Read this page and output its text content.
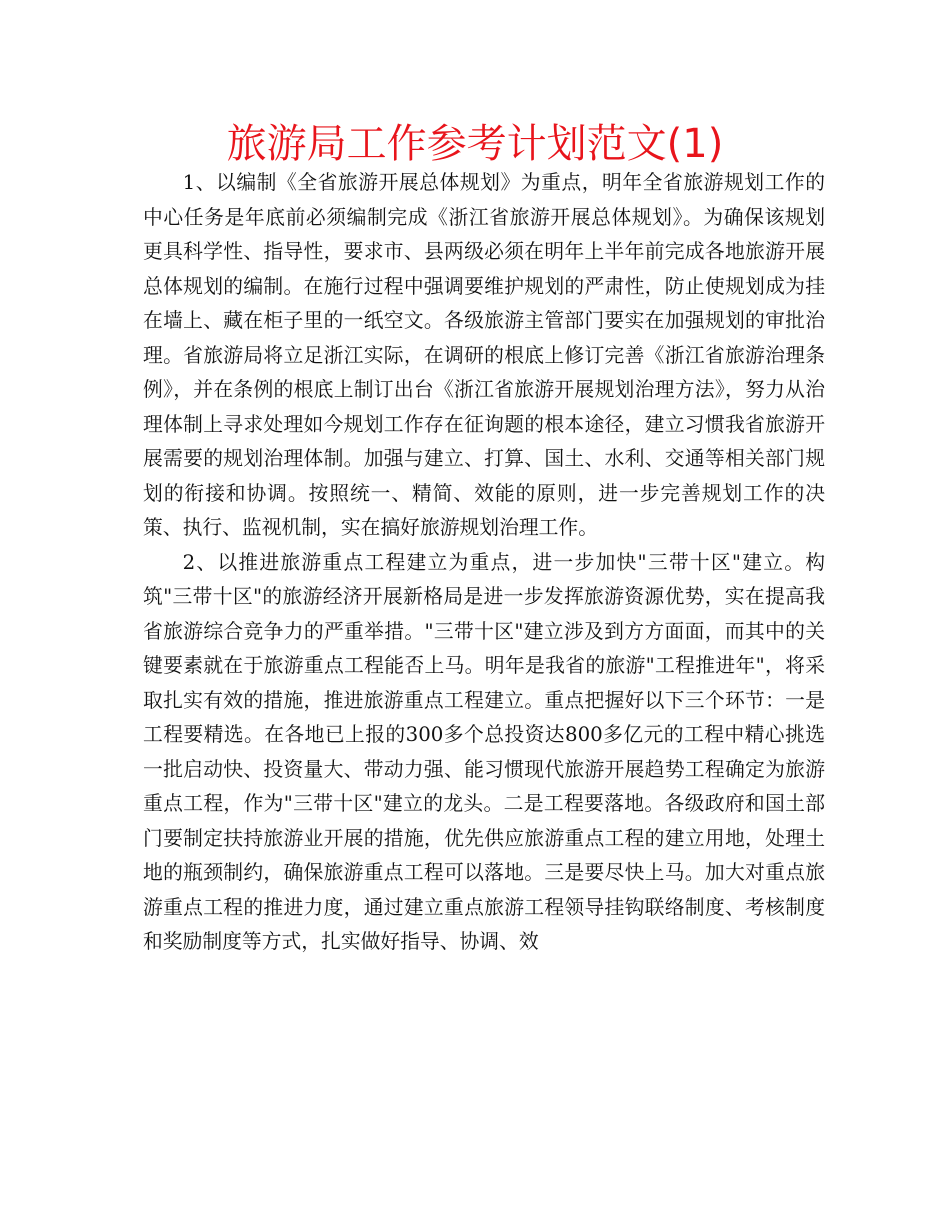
旅游局工作参考计划范文(1)

1、以编制《全省旅游开展总体规划》为重点，明年全省旅游规划工作的中心任务是年底前必须编制完成《浙江省旅游开展总体规划》。为确保该规划更具科学性、指导性，要求市、县两级必须在明年上半年前完成各地旅游开展总体规划的编制。在施行过程中强调要维护规划的严肃性，防止使规划成为挂在墙上、藏在柜子里的一纸空文。各级旅游主管部门要实在加强规划的审批治理。省旅游局将立足浙江实际，在调研的根底上修订完善《浙江省旅游治理条例》，并在条例的根底上制订出台《浙江省旅游开展规划治理方法》，努力从治理体制上寻求处理如今规划工作存在征询题的根本途径，建立习惯我省旅游开展需要的规划治理体制。加强与建立、打算、国土、水利、交通等相关部门规划的衔接和协调。按照统一、精简、效能的原则，进一步完善规划工作的决策、执行、监视机制，实在搞好旅游规划治理工作。

2、以推进旅游重点工程建立为重点，进一步加快"三带十区"建立。构筑"三带十区"的旅游经济开展新格局是进一步发挥旅游资源优势，实在提高我省旅游综合竞争力的严重举措。"三带十区"建立涉及到方方面面，而其中的关键要素就在于旅游重点工程能否上马。明年是我省的旅游"工程推进年"，将采取扎实有效的措施，推进旅游重点工程建立。重点把握好以下三个环节：一是工程要精选。在各地已上报的300多个总投资达800多亿元的工程中精心挑选一批启动快、投资量大、带动力强、能习惯现代旅游开展趋势工程确定为旅游重点工程，作为"三带十区"建立的龙头。二是工程要落地。各级政府和国土部门要制定扶持旅游业开展的措施，优先供应旅游重点工程的建立用地，处理土地的瓶颈制约，确保旅游重点工程可以落地。三是要尽快上马。加大对重点旅游重点工程的推进力度，通过建立重点旅游工程领导挂钩联络制度、考核制度和奖励制度等方式，扎实做好指导、协调、效
